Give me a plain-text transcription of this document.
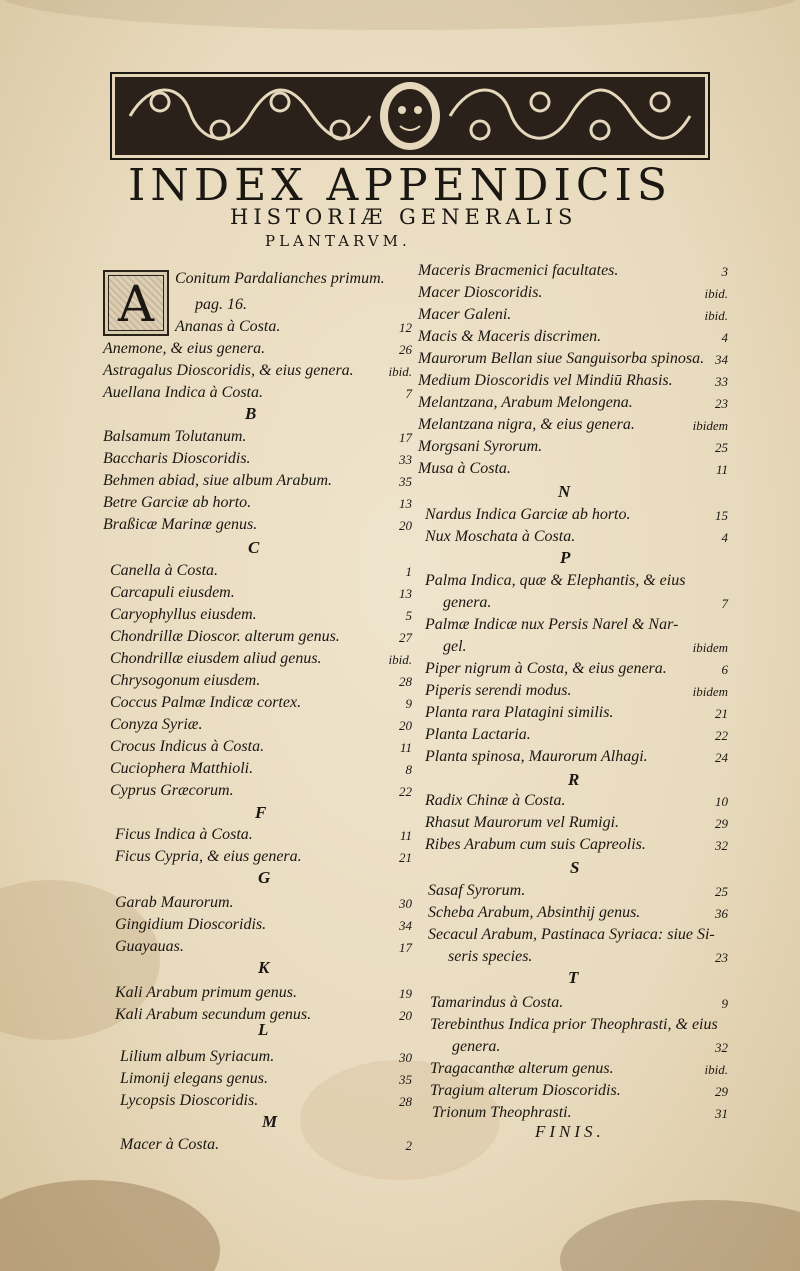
INDEX APPENDICIS
HISTORIÆ GENERALIS
PLANTARVM.
A	Conitum Pardalianches primum.
pag. 16.
Ananas à Costa.	12
Anemone, & eius genera.	26
Astragalus Dioscoridis, & eius genera.	ibid.
Auellana Indica à Costa.	7
Balsamum Tolutanum.	17
Baccharis Dioscoridis.	33
Behmen abiad, siue album Arabum.	35
Betre Garciæ ab horto.	13
Braßicæ Marinæ genus.	20
Canella à Costa.	1
Carcapuli eiusdem.	13
Caryophyllus eiusdem.	5
Chondrillæ Dioscor. alterum genus.	27
Chondrillæ eiusdem aliud genus.	ibid.
Chrysogonum eiusdem.	28
Coccus Palmæ Indicæ cortex.	9
Conyza Syriæ.	20
Crocus Indicus à Costa.	11
Cuciophera Matthioli.	8
Cyprus Græcorum.	22
Ficus Indica à Costa.	11
Ficus Cypria, & eius genera.	21
Garab Maurorum.	30
Gingidium Dioscoridis.	34
Guayauas.	17
Kali Arabum primum genus.	19
Kali Arabum secundum genus.	20
Lilium album Syriacum.	30
Limonij elegans genus.	35
Lycopsis Dioscoridis.	28
Macer à Costa.	2
B
C
F
G
K
L
M
Maceris Bracmenici facultates.	3
Macer Dioscoridis.	ibid.
Macer Galeni.	ibid.
Macis & Maceris discrimen.	4
Maurorum Bellan siue Sanguisorba spinosa. 34
Medium Dioscoridis vel Mindiū Rhasis.	33
Melantzana, Arabum Melongena.	23
Melantzana nigra, & eius genera.	ibidem
Morgsani Syrorum.	25
Musa à Costa.	11
Nardus Indica Garciæ ab horto.	15
Nux Moschata à Costa.	4
Palma Indica, quæ & Elephantis, & eius
genera.	7
Palmæ Indicæ nux Persis Narel & Nar-
gel.	ibidem
Piper nigrum à Costa, & eius genera.	6
Piperis serendi modus.	ibidem
Planta rara Platagini similis.	21
Planta Lactaria.	22
Planta spinosa, Maurorum Alhagi.	24
Radix Chinæ à Costa.	10
Rhasut Maurorum vel Rumigi.	29
Ribes Arabum cum suis Capreolis.	32
Sasaf Syrorum.	25
Scheba Arabum, Absinthij genus.	36
Secacul Arabum, Pastinaca Syriaca: siue Si-
seris species.	23
Tamarindus à Costa.	9
Terebinthus Indica prior Theophrasti, & eius
genera.	32
Tragacanthæ alterum genus.	ibid.
Tragium alterum Dioscoridis.	29
Trionum Theophrasti.	31
N
P
R
S
T
FINIS.
